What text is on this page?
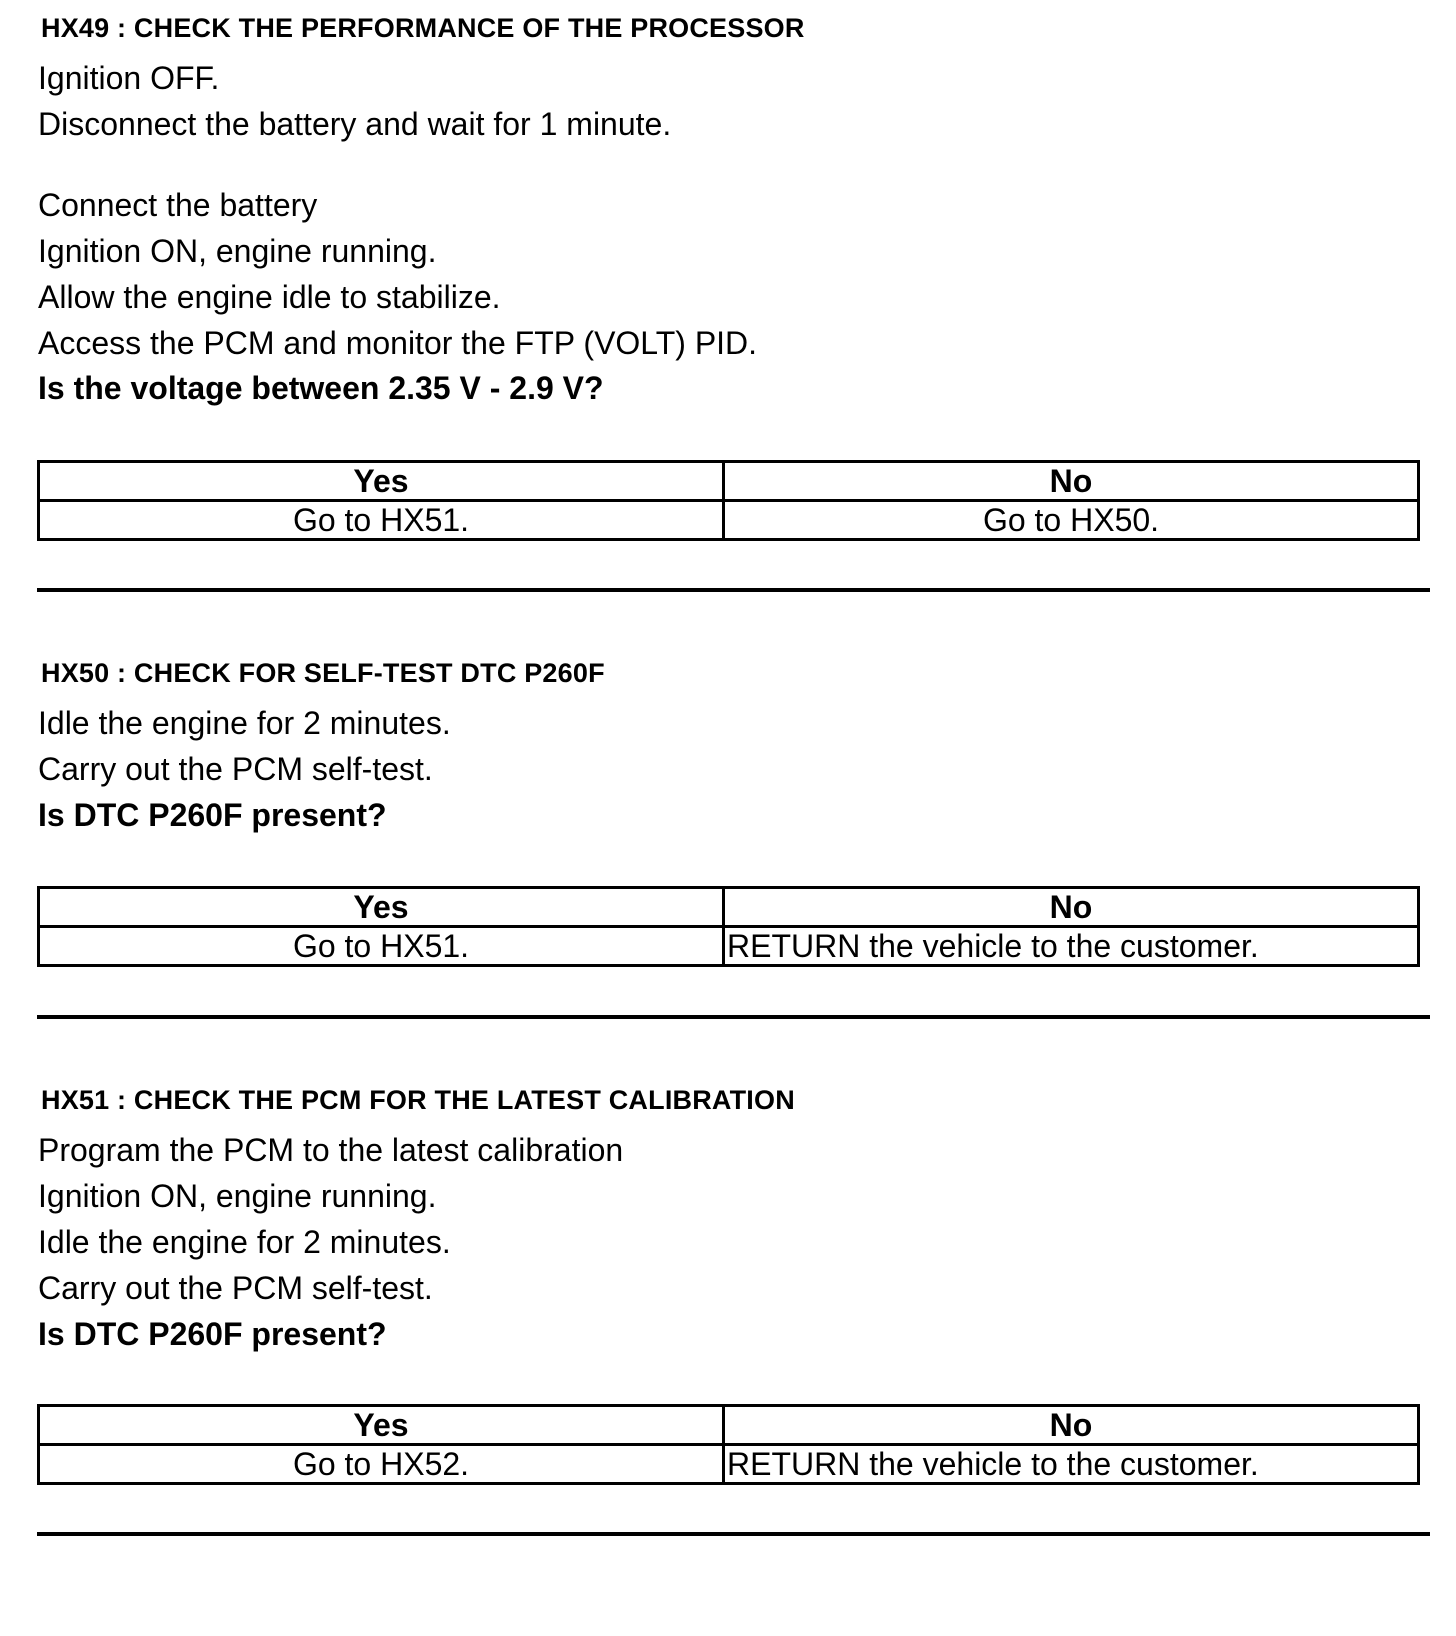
HX49 : CHECK THE PERFORMANCE OF THE PROCESSOR
Ignition OFF.
Disconnect the battery and wait for 1 minute.
Connect the battery
Ignition ON, engine running.
Allow the engine idle to stabilize.
Access the PCM and monitor the FTP (VOLT) PID.
Is the voltage between 2.35 V - 2.9 V?
Yes	No
Go to HX51.	Go to HX50.
HX50 : CHECK FOR SELF-TEST DTC P260F
Idle the engine for 2 minutes.
Carry out the PCM self-test.
Is DTC P260F present?
Yes	No
Go to HX51.	RETURN the vehicle to the customer.
HX51 : CHECK THE PCM FOR THE LATEST CALIBRATION
Program the PCM to the latest calibration
Ignition ON, engine running.
Idle the engine for 2 minutes.
Carry out the PCM self-test.
Is DTC P260F present?
Yes	No
Go to HX52.	RETURN the vehicle to the customer.
